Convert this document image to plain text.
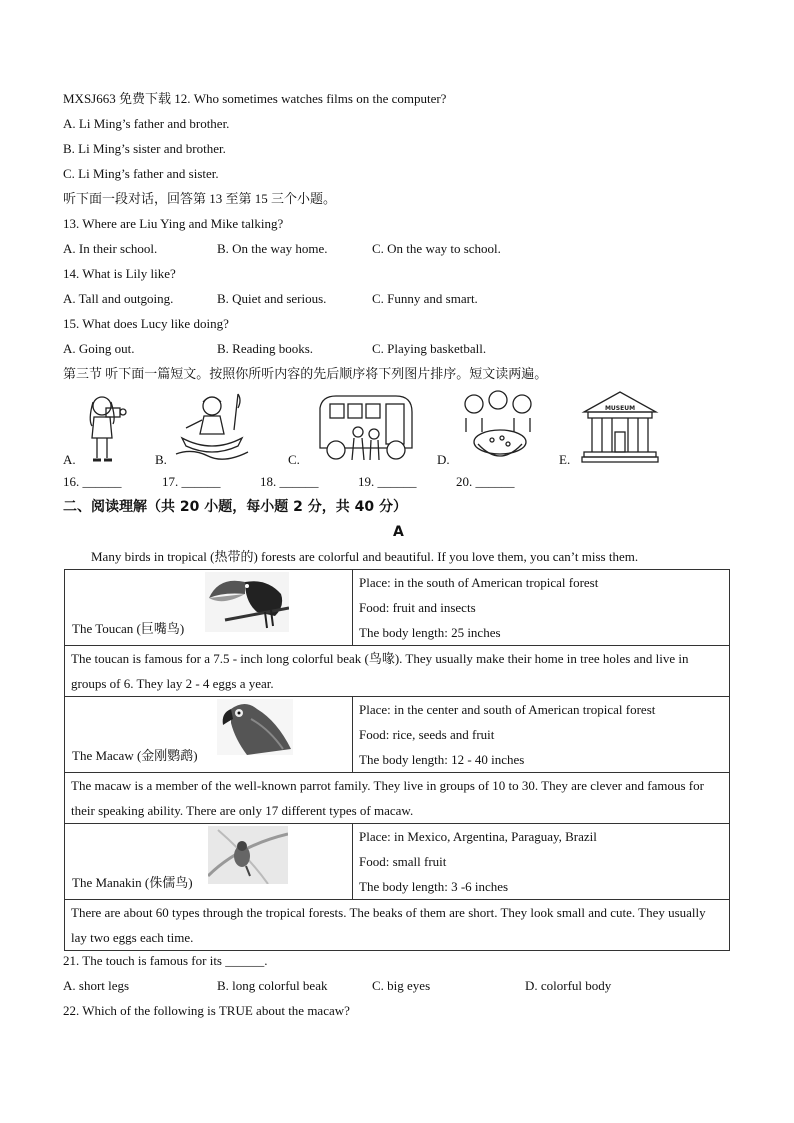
MXSJ663 免费下载 12. Who sometimes watches films on the computer?
A. Li Ming’s father and brother.
B. Li Ming’s sister and brother.
C. Li Ming’s father and sister.
听下面一段对话，回答第 13 至第 15 三个小题。
13. Where are Liu Ying and Mike talking?
A. In their school.	B. On the way home.	C. On the way to school.
14. What is Lily like?
A. Tall and outgoing.	B. Quiet and serious.	C. Funny and smart.
15. What does Lucy like doing?
A. Going out.	B. Reading books.	C. Playing basketball.
第三节 听下面一篇短文。按照你所听内容的先后顺序将下列图片排序。短文读两遍。
A.	B.	C.	D.
MUSEUM
E.
16. ______	17. ______	18. ______	19. ______	20. ______
二、阅读理解（共 20 小题，每小题 2 分，共 40 分）
A
Many birds in tropical (热带的) forests are colorful and beautiful. If you love them, you can’t miss them.
The Toucan (巨嘴鸟)	Place: in the south of American tropical forest
Food: fruit and insects
The body length: 25 inches

The toucan is famous for a 7.5 - inch long colorful beak (鸟喙). They usually make their home in tree holes and live in groups of 6. They lay 2 - 4 eggs a year.	

The Macaw (金刚鹦鹉)	Place: in the center and south of American tropical forest
Food: rice, seeds and fruit
The body length: 12 - 40 inches

The macaw is a member of the well-known parrot family. They live in groups of 10 to 30. They are clever and famous for their speaking ability. There are only 17 different types of macaw.	

The Manakin (侏儒鸟)	Place: in Mexico, Argentina, Paraguay, Brazil
Food: small fruit
The body length: 3 -6 inches

There are about 60 types through the tropical forests. The beaks of them are short. They look small and cute. They usually lay two eggs each time.	
21. The touch is famous for its ______.
A. short legs	B. long colorful beak	C. big eyes	D. colorful body
22. Which of the following is TRUE about the macaw?
